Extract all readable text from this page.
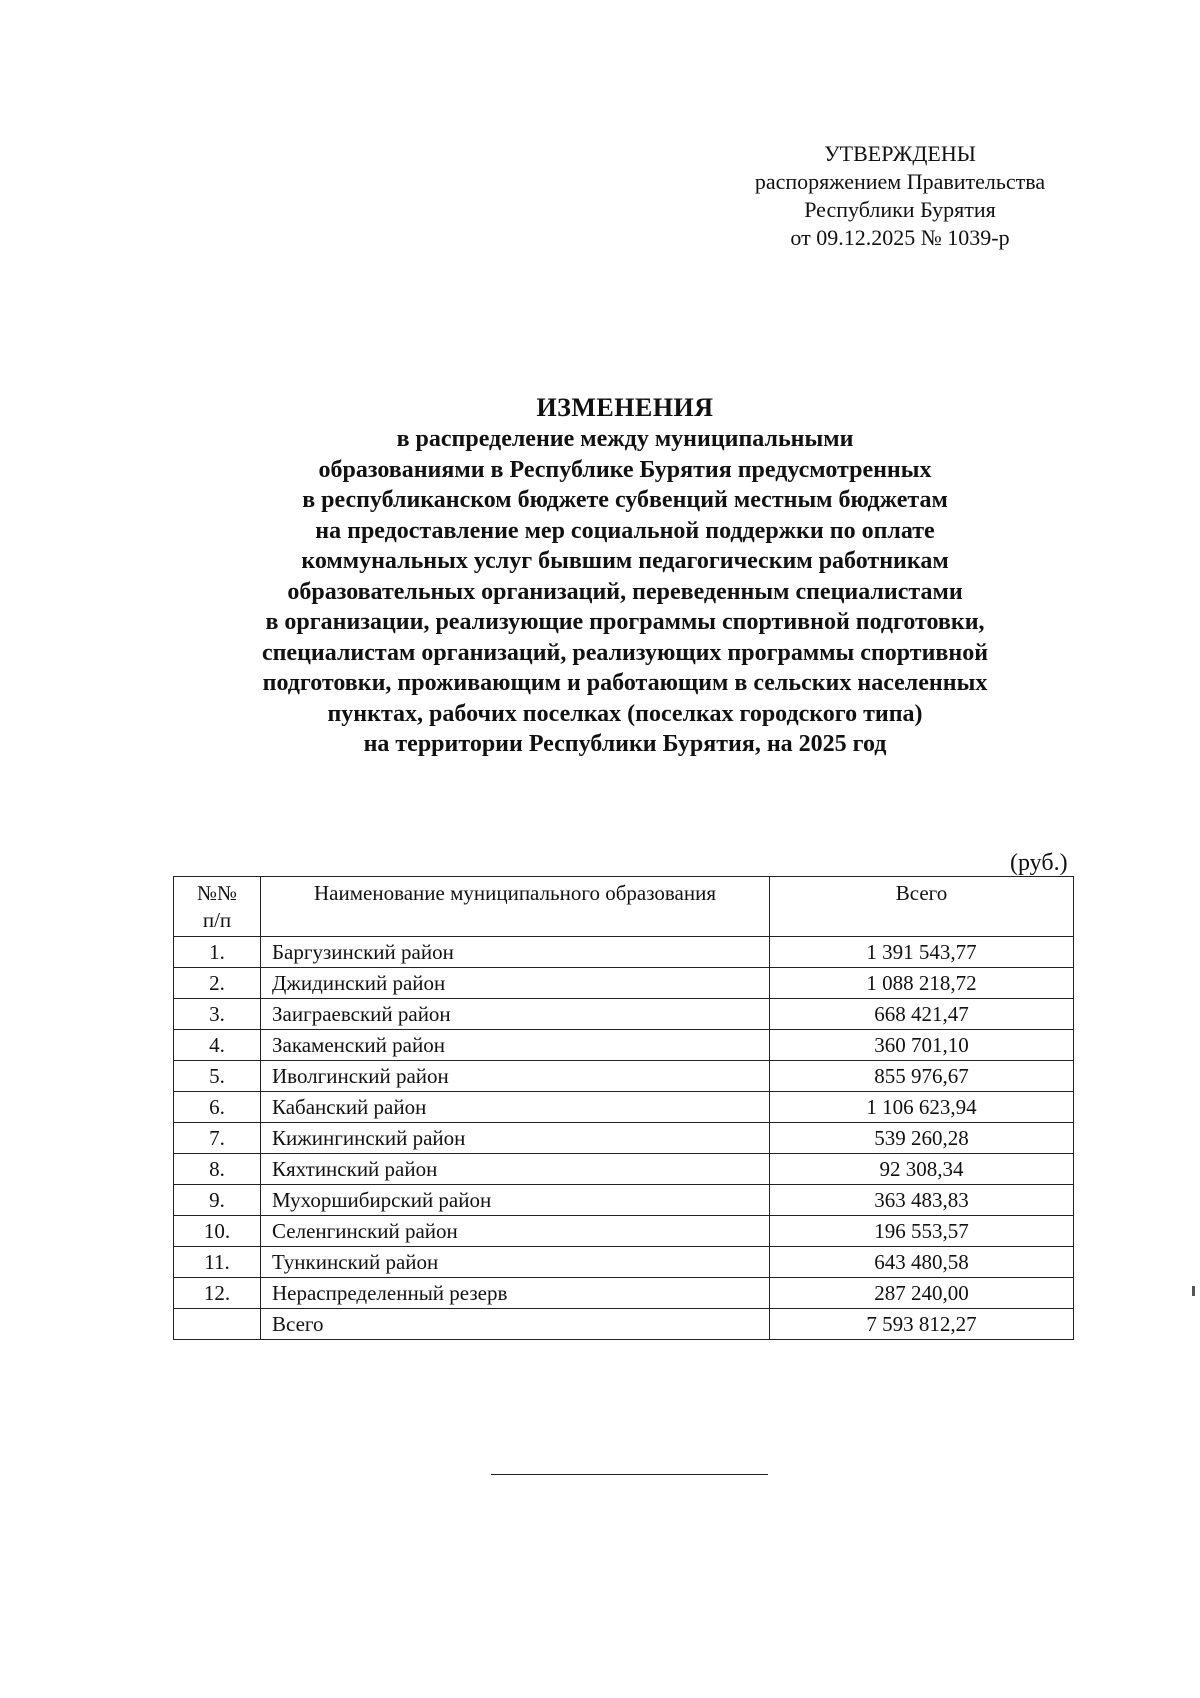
УТВЕРЖДЕНЫ
распоряжением Правительства
Республики Бурятия
от 09.12.2025 № 1039-р
ИЗМЕНЕНИЯ
в распределение между муниципальными
образованиями в Республике Бурятия предусмотренных
в республиканском бюджете субвенций местным бюджетам
на предоставление мер социальной поддержки по оплате
коммунальных услуг бывшим педагогическим работникам
образовательных организаций, переведенным специалистами
в организации, реализующие программы спортивной подготовки,
специалистам организаций, реализующих программы спортивной
подготовки, проживающим и работающим в сельских населенных
пунктах, рабочих поселках (поселках городского типа)
на территории Республики Бурятия, на 2025 год
(руб.)
№№
п/п	Наименование муниципального образования	Всего
1.	Баргузинский район	1 391 543,77
2.	Джидинский район	1 088 218,72
3.	Заиграевский район	668 421,47
4.	Закаменский район	360 701,10
5.	Иволгинский район	855 976,67
6.	Кабанский район	1 106 623,94
7.	Кижингинский район	539 260,28
8.	Кяхтинский район	92 308,34
9.	Мухоршибирский район	363 483,83
10.	Селенгинский район	196 553,57
11.	Тункинский район	643 480,58
12.	Нераспределенный резерв	287 240,00
	Всего	7 593 812,27
